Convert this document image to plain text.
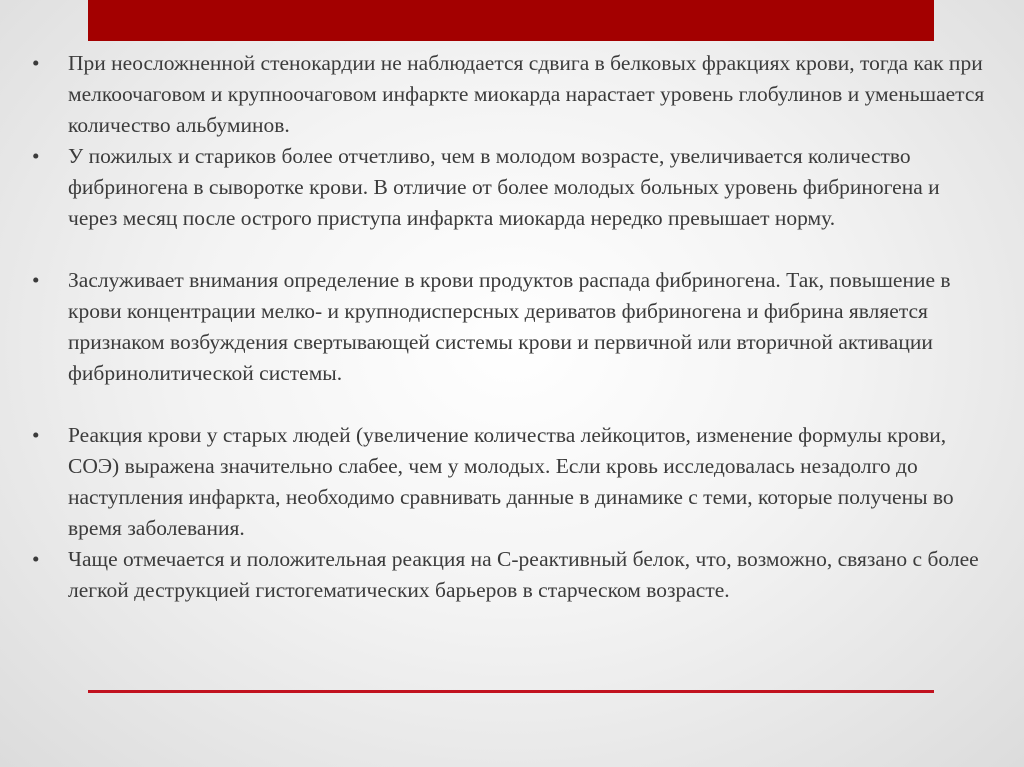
• При неосложненной стенокардии не наблюдается сдвига в белковых фракциях крови, тогда как при мелкоочаговом и крупноочаговом инфаркте миокарда нарастает уровень глобулинов и уменьшается количество альбуминов.
• У пожилых и стариков более отчетливо, чем в молодом возрасте, увеличивается количество фибриногена в сыворотке крови. В отличие от более молодых больных уровень фибриногена и через месяц после острого приступа инфаркта миокарда нередко превышает норму.
• Заслуживает внимания определение в крови продуктов распада фибриногена. Так, повышение в крови концентрации мелко- и крупнодисперсных дериватов фибриногена и фибрина является признаком возбуждения свертывающей системы крови и первичной или вторичной активации фибринолитической системы.
• Реакция крови у старых людей (увеличение количества лейкоцитов, изменение формулы крови, СОЭ) выражена значительно слабее, чем у молодых. Если кровь исследовалась незадолго до наступления инфаркта, необходимо сравнивать данные в динамике с теми, которые получены во время заболевания.
• Чаще отмечается и положительная реакция на С-реактивный белок, что, возможно, связано с более легкой деструкцией гистогематических барьеров в старческом возрасте.
